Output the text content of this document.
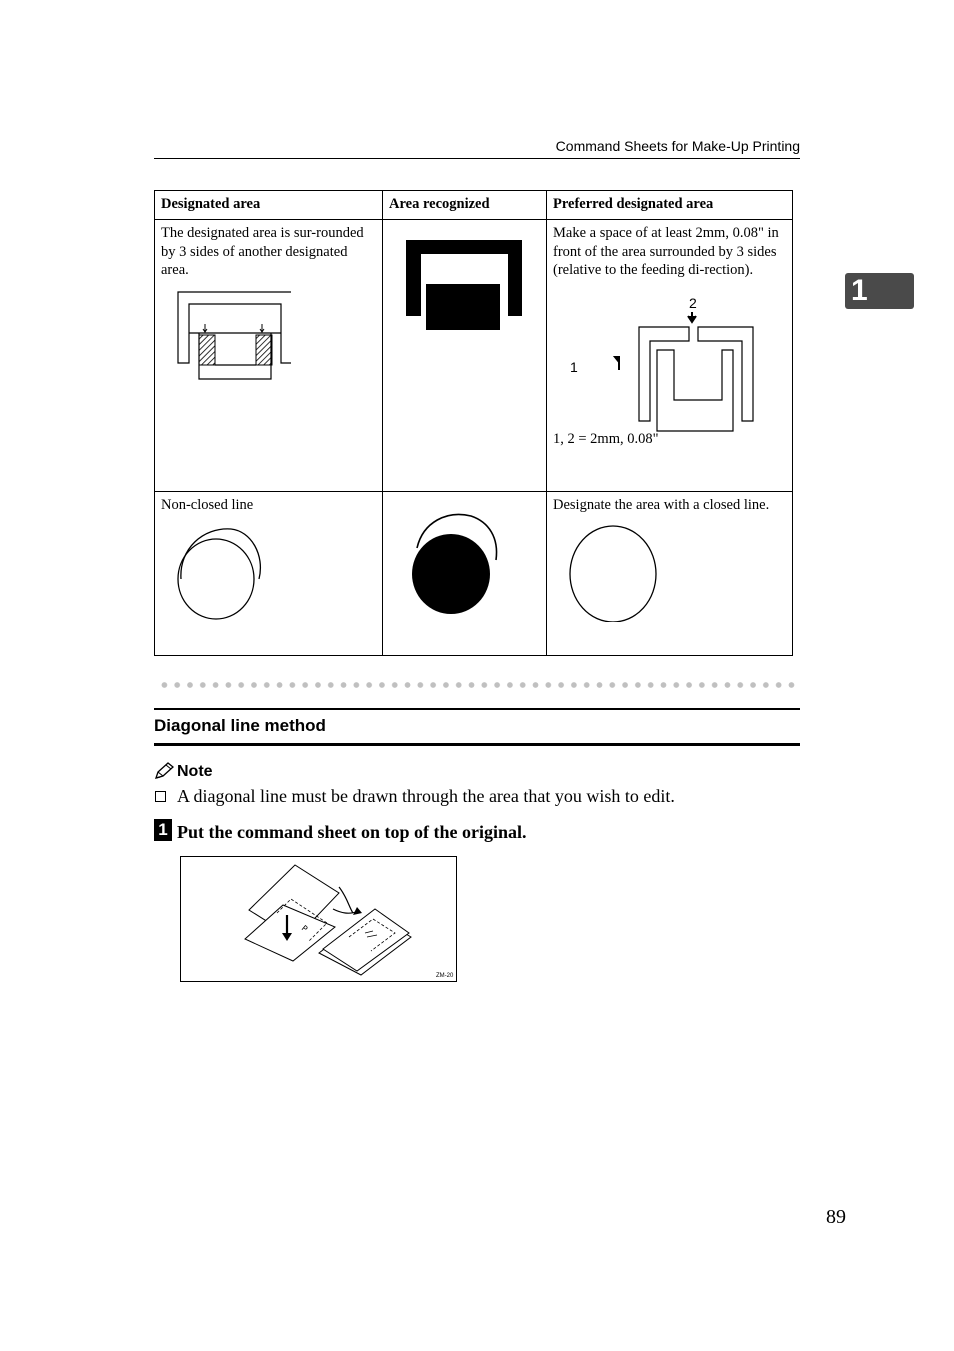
Command Sheets for Make-Up Printing
1
Designated area	Area recognized	Preferred designated area

The designated area is sur-rounded by 3 sides of another designated area.		Make a space of at least 2mm, 0.08" in front of the area surrounded by 3 sides (relative to the feeding di-rection).
2
1
1, 2 = 2mm, 0.08"

Non-closed line		Designate the area with a closed line.
Diagonal line method
Note
A diagonal line must be drawn through the area that you wish to edit.
1 Put the command sheet on top of the original.
P
ZM-20
89
